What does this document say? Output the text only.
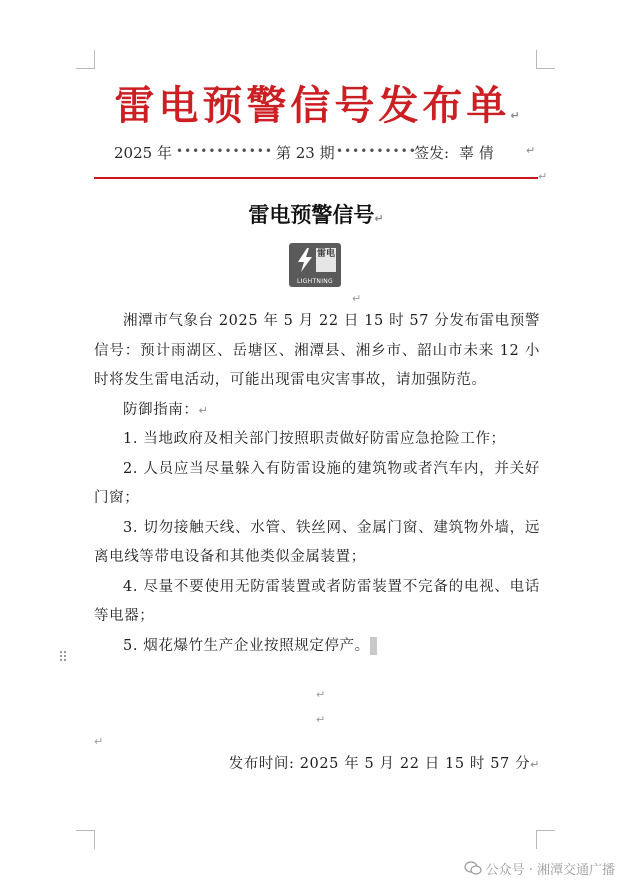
雷电预警信号发布单↵
2025 年 •••••••••••• 第 23 期 ••••••••••
签发: 辜 倩	↵
↵
雷电预警信号↵
雷电
LIGHTNING
↵

湘潭市气象台 2025 年 5 月 22 日 15 时 57 分发布雷电预警信号：预计雨湖区、岳塘区、湘潭县、湘乡市、韶山市未来 12 小时将发生雷电活动，可能出现雷电灾害事故，请加强防范。

防御指南：↵

1. 当地政府及相关部门按照职责做好防雷应急抢险工作；

2. 人员应当尽量躲入有防雷设施的建筑物或者汽车内，并关好门窗；

3. 切勿接触天线、水管、铁丝网、金属门窗、建筑物外墙，远离电线等带电设备和其他类似金属装置；

4. 尽量不要使用无防雷装置或者防雷装置不完备的电视、电话等电器；

5. 烟花爆竹生产企业按照规定停产。

⠿
↵
↵
↵
发布时间: 2025 年 5 月 22 日 15 时 57 分↵
公众号 · 湘潭交通广播
